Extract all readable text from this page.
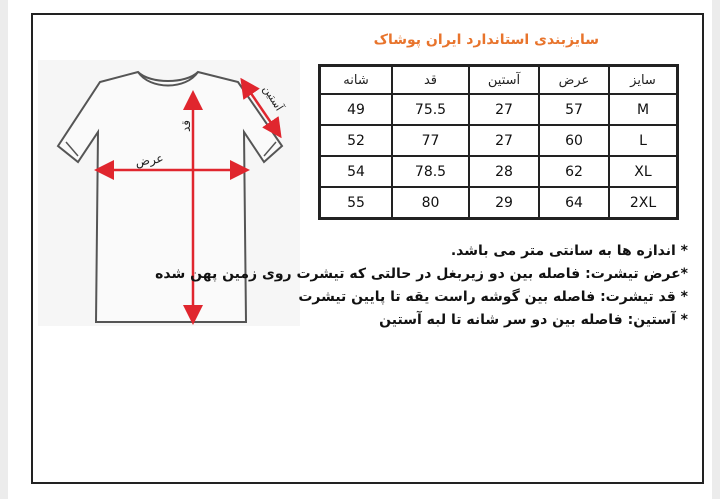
سایزبندی استاندارد ایران پوشاک
قد
عرض
آستین
شانه	قد	آستین	عرض	سایز
49	75.5	27	57	M
52	77	27	60	L
54	78.5	28	62	XL
55	80	29	64	2XL
* اندازه ها به سانتی متر می باشد.
*عرض تیشرت: فاصله بین دو زیربغل در حالتی که تیشرت روی زمین پهن شده
* قد تیشرت: فاصله بین گوشه راست یقه تا پایین تیشرت
* آستین: فاصله بین دو سر شانه تا لبه آستین
